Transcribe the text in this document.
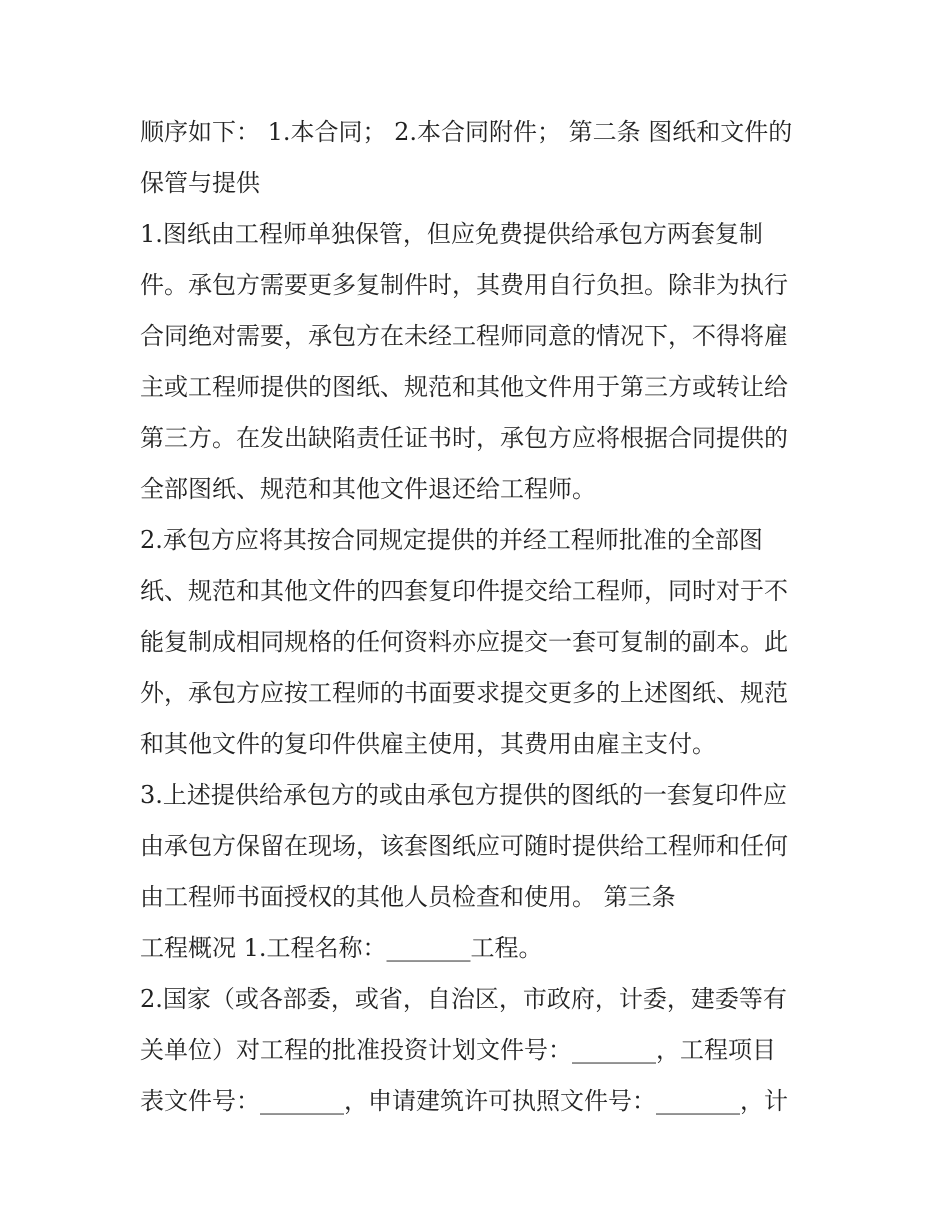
顺序如下： 1.本合同； 2.本合同附件； 第二条 图纸和文件的
保管与提供
1.图纸由工程师单独保管，但应免费提供给承包方两套复制
件。承包方需要更多复制件时，其费用自行负担。除非为执行
合同绝对需要，承包方在未经工程师同意的情况下，不得将雇
主或工程师提供的图纸、规范和其他文件用于第三方或转让给
第三方。在发出缺陷责任证书时，承包方应将根据合同提供的
全部图纸、规范和其他文件退还给工程师。
2.承包方应将其按合同规定提供的并经工程师批准的全部图
纸、规范和其他文件的四套复印件提交给工程师，同时对于不
能复制成相同规格的任何资料亦应提交一套可复制的副本。此
外，承包方应按工程师的书面要求提交更多的上述图纸、规范
和其他文件的复印件供雇主使用，其费用由雇主支付。
3.上述提供给承包方的或由承包方提供的图纸的一套复印件应
由承包方保留在现场，该套图纸应可随时提供给工程师和任何
由工程师书面授权的其他人员检查和使用。 第三条
工程概况 1.工程名称：_______工程。
2.国家（或各部委，或省，自治区，市政府，计委，建委等有
关单位）对工程的批准投资计划文件号：_______，工程项目
表文件号：_______，申请建筑许可执照文件号：_______，计
